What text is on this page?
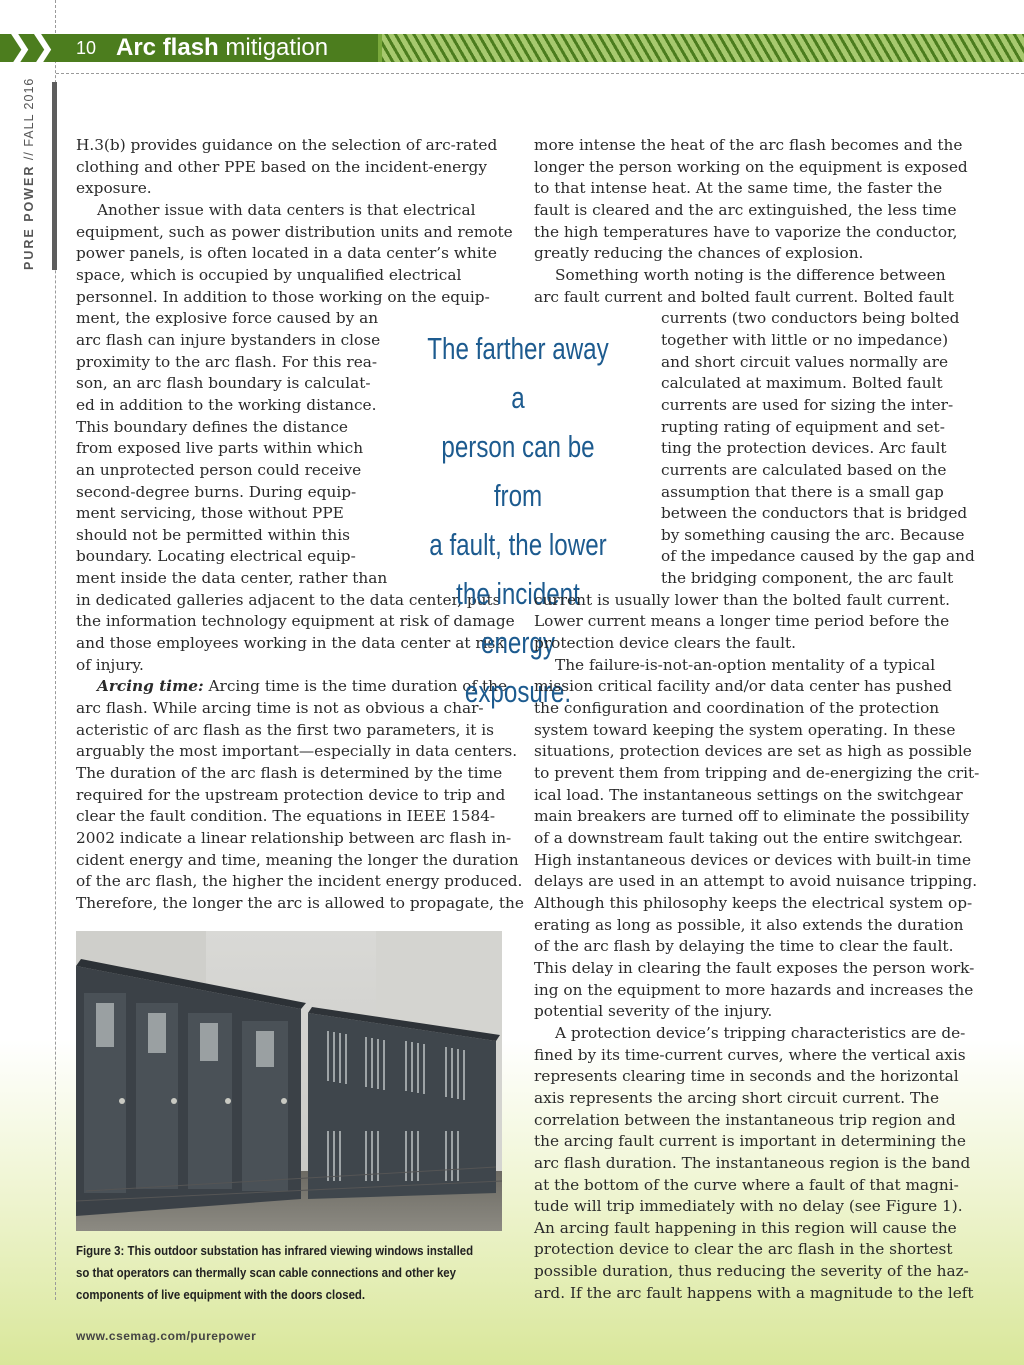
❯❯ 10 Arc flash mitigation
PURE POWER // FALL 2016	H.3(b) provides guidance on the selection of arc-rated
clothing and other PPE based on the incident-energy
exposure.
Another issue with data centers is that electrical
equipment, such as power distribution units and remote
power panels, is often located in a data center’s white
space, which is occupied by unqualified electrical
personnel. In addition to those working on the equip-
ment, the explosive force caused by an
arc flash can injure bystanders in close
proximity to the arc flash. For this rea-
son, an arc flash boundary is calculat-
ed in addition to the working distance.
This boundary defines the distance
from exposed live parts within which
an unprotected person could receive
second-degree burns. During equip-
ment servicing, those without PPE
should not be permitted within this
boundary. Locating electrical equip-
ment inside the data center, rather than
in dedicated galleries adjacent to the data center, puts
the information technology equipment at risk of damage
and those employees working in the data center at risk
of injury.
Arcing time: Arcing time is the time duration of the
arc flash. While arcing time is not as obvious a char-
acteristic of arc flash as the first two parameters, it is
arguably the most important—especially in data centers.
The duration of the arc flash is determined by the time
required for the upstream protection device to trip and
clear the fault condition. The equations in IEEE 1584-
2002 indicate a linear relationship between arc flash in-
cident energy and time, meaning the longer the duration
of the arc flash, the higher the incident energy produced.
Therefore, the longer the arc is allowed to propagate, the
The farther away a
person can be from
a fault, the lower
the incident energy
exposure.
more intense the heat of the arc flash becomes and the
longer the person working on the equipment is exposed
to that intense heat. At the same time, the faster the
fault is cleared and the arc extinguished, the less time
the high temperatures have to vaporize the conductor,
greatly reducing the chances of explosion.
Something worth noting is the difference between
arc fault current and bolted fault current. Bolted fault
currents (two conductors being bolted
together with little or no impedance)
and short circuit values normally are
calculated at maximum. Bolted fault
currents are used for sizing the inter-
rupting rating of equipment and set-
ting the protection devices. Arc fault
currents are calculated based on the
assumption that there is a small gap
between the conductors that is bridged
by something causing the arc. Because
of the impedance caused by the gap and
the bridging component, the arc fault
current is usually lower than the bolted fault current.
Lower current means a longer time period before the
protection device clears the fault.
The failure-is-not-an-option mentality of a typical
mission critical facility and/or data center has pushed
the configuration and coordination of the protection
system toward keeping the system operating. In these
situations, protection devices are set as high as possible
to prevent them from tripping and de-energizing the crit-
ical load. The instantaneous settings on the switchgear
main breakers are turned off to eliminate the possibility
of a downstream fault taking out the entire switchgear.
High instantaneous devices or devices with built-in time
delays are used in an attempt to avoid nuisance tripping.
Although this philosophy keeps the electrical system op-
erating as long as possible, it also extends the duration
of the arc flash by delaying the time to clear the fault.
This delay in clearing the fault exposes the person work-
ing on the equipment to more hazards and increases the
potential severity of the injury.
A protection device’s tripping characteristics are de-
fined by its time-current curves, where the vertical axis
represents clearing time in seconds and the horizontal
axis represents the arcing short circuit current. The
correlation between the instantaneous trip region and
the arcing fault current is important in determining the
arc flash duration. The instantaneous region is the band
at the bottom of the curve where a fault of that magni-
tude will trip immediately with no delay (see Figure 1).
An arcing fault happening in this region will cause the
protection device to clear the arc flash in the shortest
possible duration, thus reducing the severity of the haz-
ard. If the arc fault happens with a magnitude to the left
Figure 3: This outdoor substation has infrared viewing windows installed
so that operators can thermally scan cable connections and other key
components of live equipment with the doors closed.
www.csemag.com/purepower
